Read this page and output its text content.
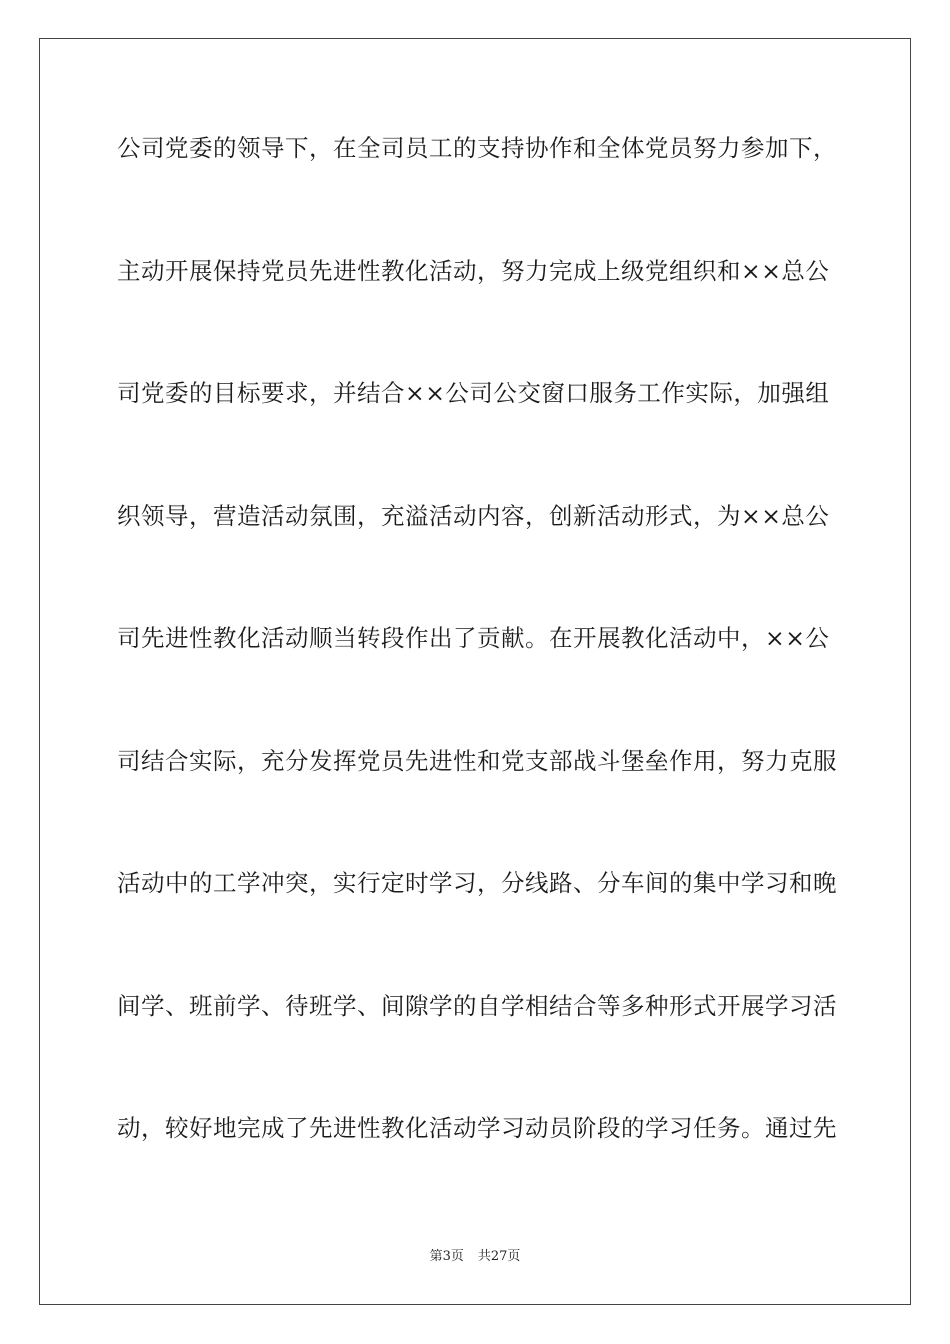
公司党委的领导下，在全司员工的支持协作和全体党员努力参加下，

主动开展保持党员先进性教化活动，努力完成上级党组织和××总公

司党委的目标要求，并结合××公司公交窗口服务工作实际，加强组

织领导，营造活动氛围，充溢活动内容，创新活动形式，为××总公

司先进性教化活动顺当转段作出了贡献。在开展教化活动中，××公

司结合实际，充分发挥党员先进性和党支部战斗堡垒作用，努力克服

活动中的工学冲突，实行定时学习，分线路、分车间的集中学习和晚

间学、班前学、待班学、间隙学的自学相结合等多种形式开展学习活

动，较好地完成了先进性教化活动学习动员阶段的学习任务。通过先

第3页 共27页
